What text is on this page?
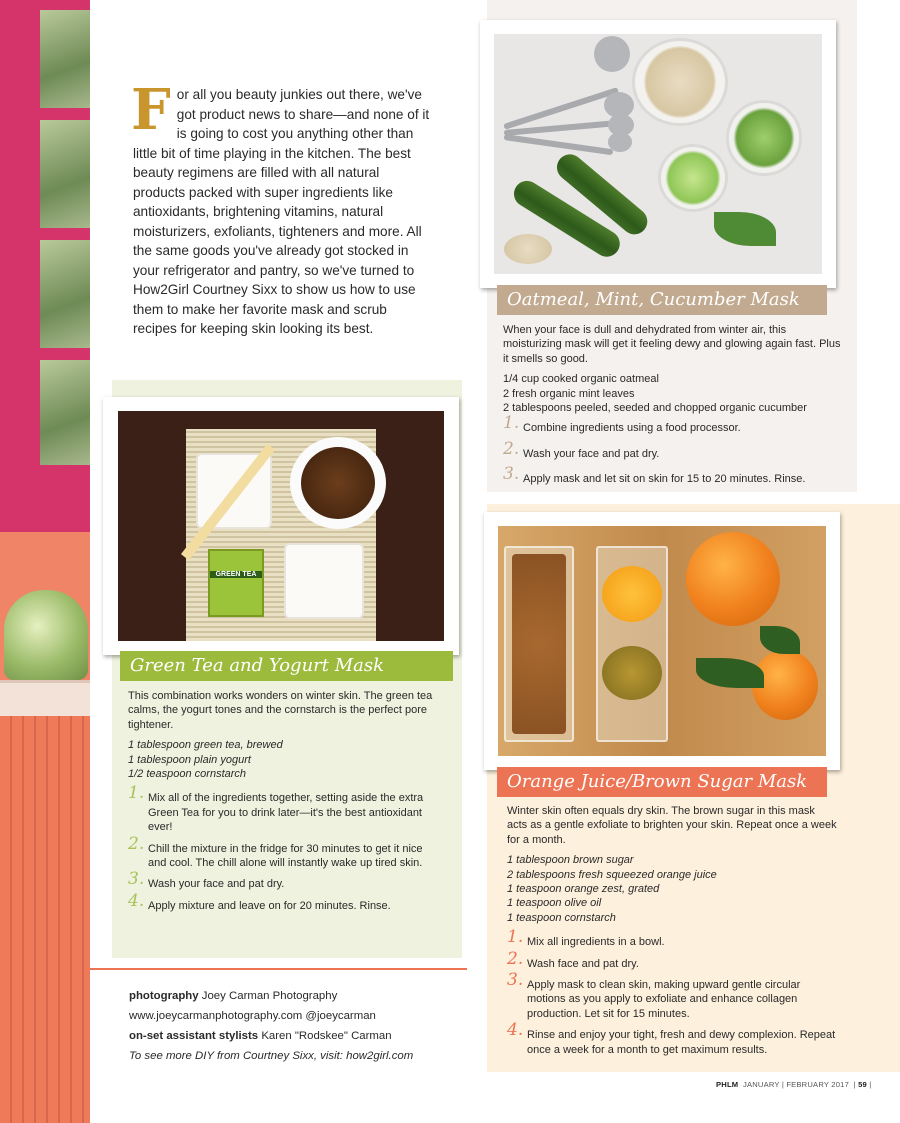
F or all you beauty junkies out there, we've got product news to share—and none of it is going to cost you anything other than little bit of time playing in the kitchen. The best beauty regimens are filled with all natural products packed with super ingredients like antioxidants, brightening vitamins, natural moisturizers, exfoliants, tighteners and more. All the same goods you've already got stocked in your refrigerator and pantry, so we've turned to How2Girl Courtney Sixx to show us how to use them to make her favorite mask and scrub recipes for keeping skin looking its best.
Oatmeal, Mint, Cucumber Mask

When your face is dull and dehydrated from winter air, this moisturizing mask will get it feeling dewy and glowing again fast. Plus it smells so good.

1/4 cup cooked organic oatmeal
2 fresh organic mint leaves
2 tablespoons peeled, seeded and chopped organic cucumber
1. Combine ingredients using a food processor.
2. Wash your face and pat dry.
3. Apply mask and let sit on skin for 15 to 20 minutes. Rinse.
GREEN TEA
Green Tea and Yogurt Mask

This combination works wonders on winter skin. The green tea calms, the yogurt tones and the cornstarch is the perfect pore tightener.

1 tablespoon green tea, brewed
1 tablespoon plain yogurt
1/2 teaspoon cornstarch
1. Mix all of the ingredients together, setting aside the extra Green Tea for you to drink later—it's the best antioxidant ever!
2. Chill the mixture in the fridge for 30 minutes to get it nice and cool. The chill alone will instantly wake up tired skin.
3. Wash your face and pat dry.
4. Apply mixture and leave on for 20 minutes. Rinse.
Orange Juice/Brown Sugar Mask

Winter skin often equals dry skin. The brown sugar in this mask acts as a gentle exfoliate to brighten your skin. Repeat once a week for a month.

1 tablespoon brown sugar
2 tablespoons fresh squeezed orange juice
1 teaspoon orange zest, grated
1 teaspoon olive oil
1 teaspoon cornstarch
1. Mix all ingredients in a bowl.
2. Wash face and pat dry.
3. Apply mask to clean skin, making upward gentle circular motions as you apply to exfoliate and enhance collagen production. Let sit for 15 minutes.
4. Rinse and enjoy your tight, fresh and dewy complexion. Repeat once a week for a month to get maximum results.
photography Joey Carman Photography
www.joeycarmanphotography.com @joeycarman
on-set assistant stylists Karen "Rodskee" Carman
To see more DIY from Courtney Sixx, visit: how2girl.com
PHLM JANUARY | FEBRUARY 2017  | 59 |
